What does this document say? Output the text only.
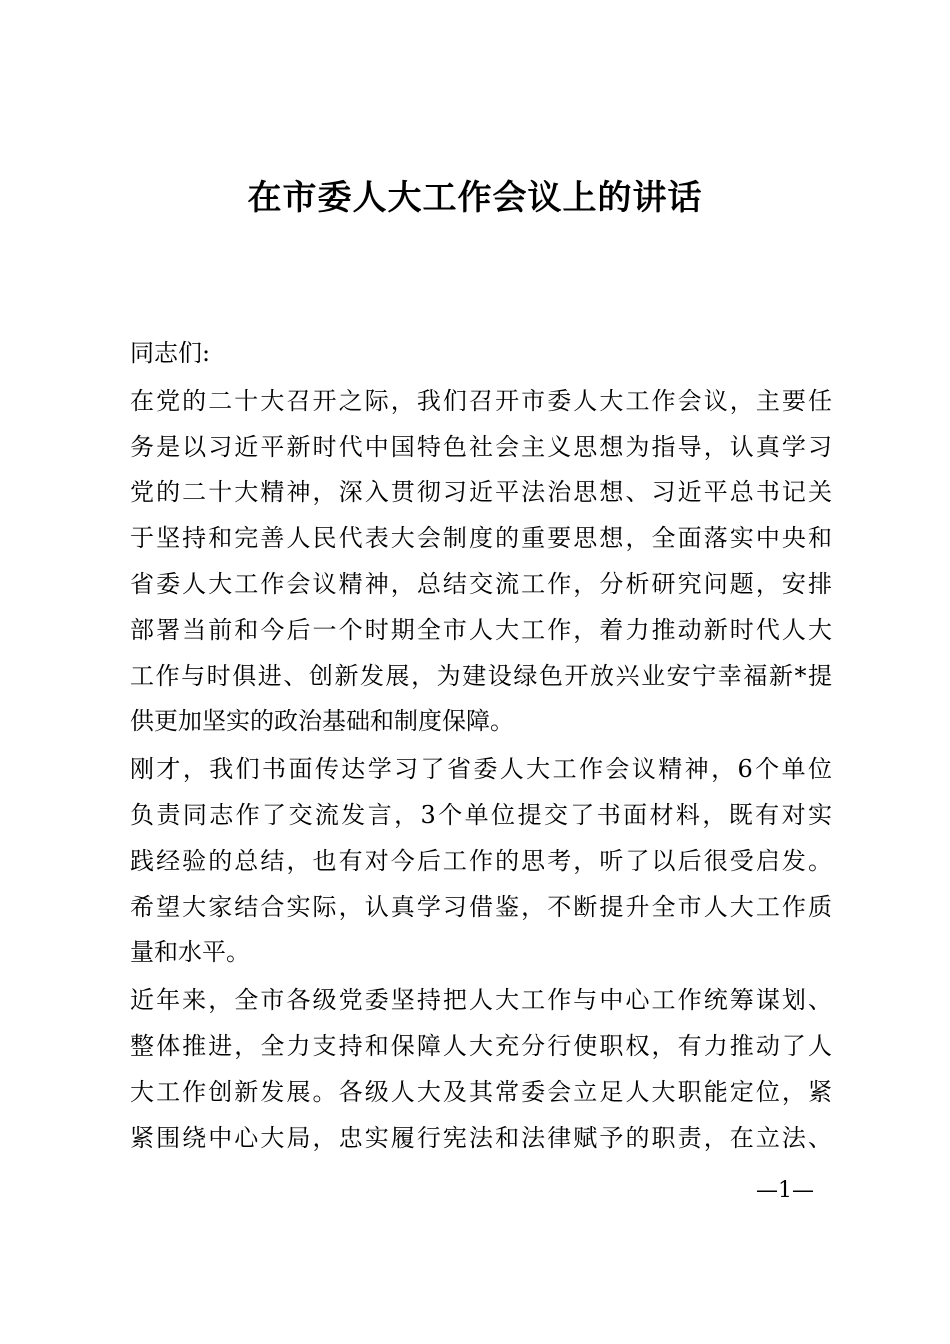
在市委人大工作会议上的讲话
同志们:
在党的二十大召开之际，我们召开市委人大工作会议，主要任
务是以习近平新时代中国特色社会主义思想为指导，认真学习
党的二十大精神，深入贯彻习近平法治思想、习近平总书记关
于坚持和完善人民代表大会制度的重要思想，全面落实中央和
省委人大工作会议精神，总结交流工作，分析研究问题，安排
部署当前和今后一个时期全市人大工作，着力推动新时代人大
工作与时俱进、创新发展，为建设绿色开放兴业安宁幸福新*提
供更加坚实的政治基础和制度保障。
刚才，我们书面传达学习了省委人大工作会议精神，6个单位
负责同志作了交流发言，3个单位提交了书面材料，既有对实
践经验的总结，也有对今后工作的思考，听了以后很受启发。
希望大家结合实际，认真学习借鉴，不断提升全市人大工作质
量和水平。
近年来，全市各级党委坚持把人大工作与中心工作统筹谋划、
整体推进，全力支持和保障人大充分行使职权，有力推动了人
大工作创新发展。各级人大及其常委会立足人大职能定位，紧
紧围绕中心大局，忠实履行宪法和法律赋予的职责，在立法、
—1—
